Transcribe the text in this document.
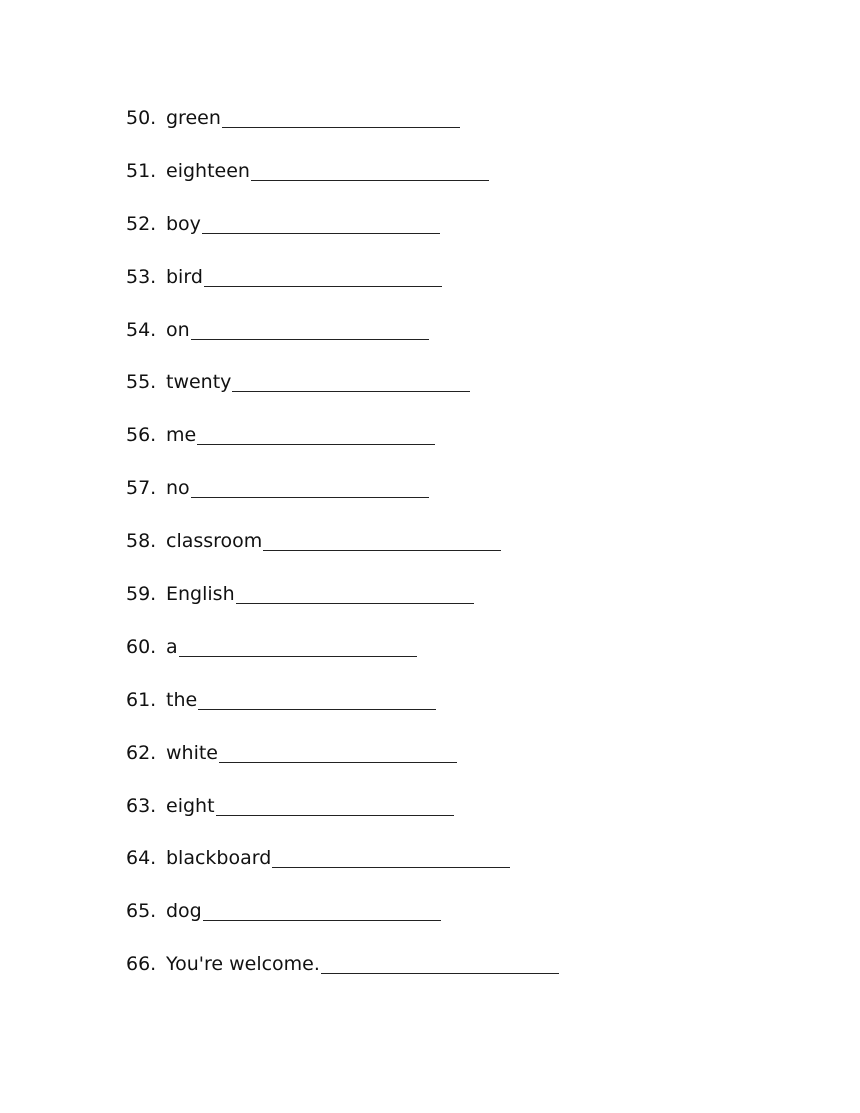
50. green
51. eighteen
52. boy
53. bird
54. on
55. twenty
56. me
57. no
58. classroom
59. English
60. a
61. the
62. white
63. eight
64. blackboard
65. dog
66. You're welcome.
